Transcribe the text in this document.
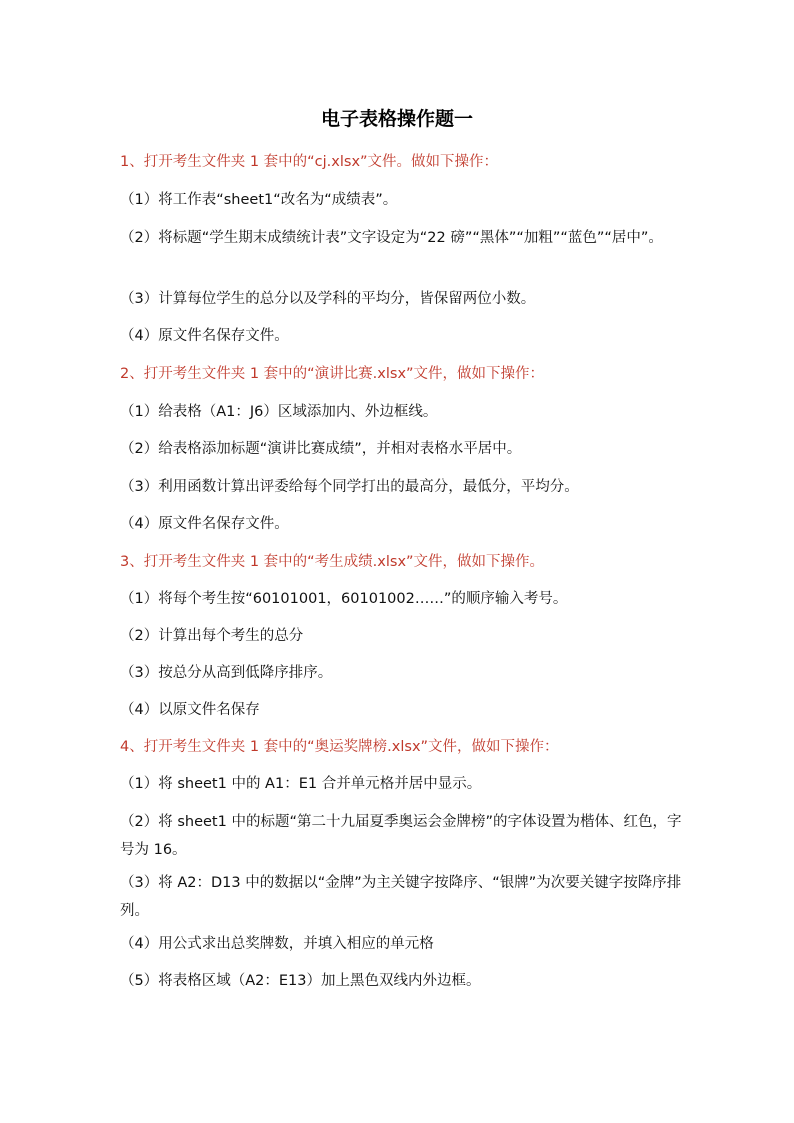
电子表格操作题一
1、打开考生文件夹 1 套中的“cj.xlsx”文件。做如下操作：
（1）将工作表“sheet1“改名为“成绩表”。
（2）将标题“学生期末成绩统计表”文字设定为“22 磅”“黑体”“加粗”“蓝色”“居中”。
（3）计算每位学生的总分以及学科的平均分，皆保留两位小数。
（4）原文件名保存文件。
2、打开考生文件夹 1 套中的“演讲比赛.xlsx”文件，做如下操作：
（1）给表格（A1：J6）区域添加内、外边框线。
（2）给表格添加标题“演讲比赛成绩”，并相对表格水平居中。
（3）利用函数计算出评委给每个同学打出的最高分，最低分，平均分。
（4）原文件名保存文件。
3、打开考生文件夹 1 套中的“考生成绩.xlsx”文件，做如下操作。
（1）将每个考生按“60101001，60101002……”的顺序输入考号。
（2）计算出每个考生的总分
（3）按总分从高到低降序排序。
（4）以原文件名保存
4、打开考生文件夹 1 套中的“奥运奖牌榜.xlsx”文件，做如下操作：
（1）将 sheet1 中的 A1：E1 合并单元格并居中显示。
（2）将 sheet1 中的标题“第二十九届夏季奥运会金牌榜”的字体设置为楷体、红色，字号为 16。
（3）将 A2：D13 中的数据以“金牌”为主关键字按降序、“银牌”为次要关键字按降序排列。
（4）用公式求出总奖牌数，并填入相应的单元格
（5）将表格区域（A2：E13）加上黑色双线内外边框。
